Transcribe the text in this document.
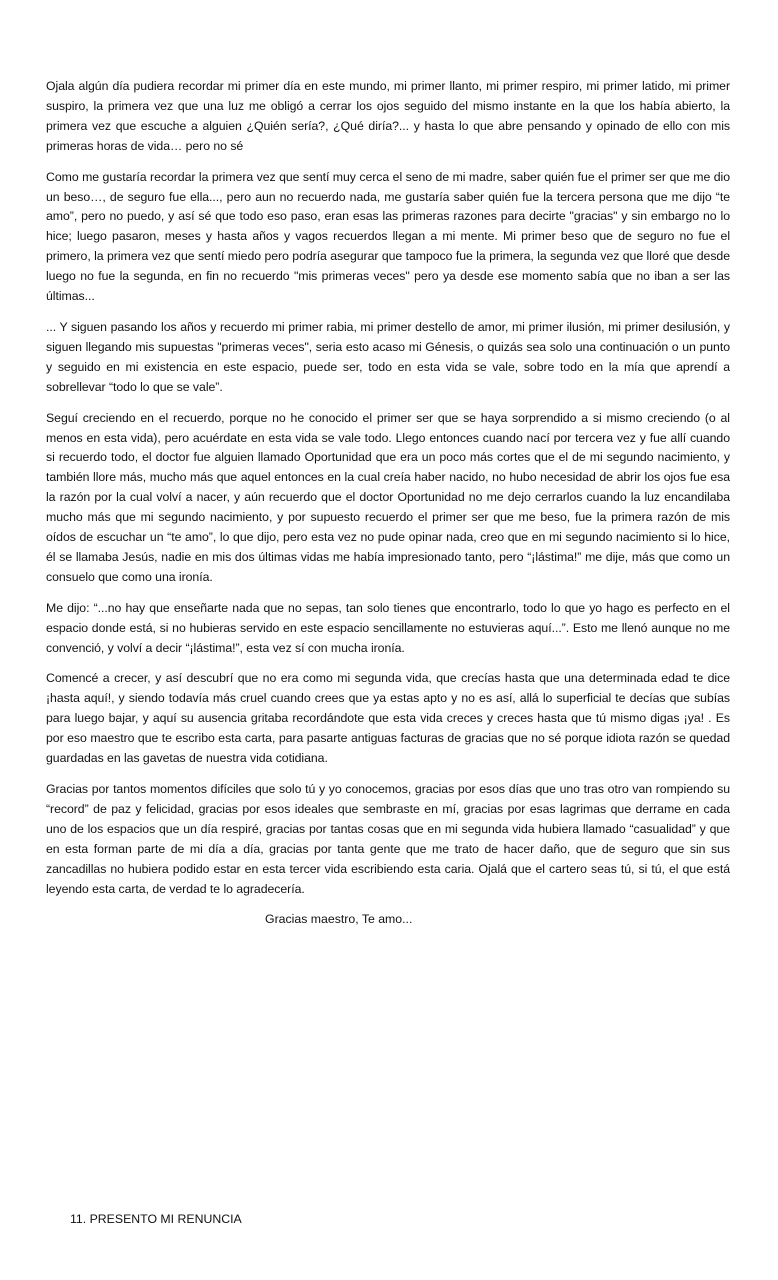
Ojala algún día pudiera recordar mi primer día en este mundo, mi primer llanto, mi primer respiro, mi primer latido, mi primer suspiro, la primera vez que una luz me obligó a cerrar los ojos seguido del mismo instante en la que los había abierto, la primera vez que escuche a alguien ¿Quién sería?, ¿Qué diría?... y hasta lo que abre pensando y opinado de ello con mis primeras horas de vida… pero no sé

Como me gustaría recordar la primera vez que sentí muy cerca el seno de mi madre, saber quién fue el primer ser que me dio un beso…, de seguro fue ella..., pero aun no recuerdo nada, me gustaría saber quién fue la tercera persona que me dijo “te amo”, pero no puedo, y así sé que todo eso paso, eran esas las primeras razones para decirte "gracias" y sin embargo no lo hice; luego pasaron, meses y hasta años y vagos recuerdos llegan a mi mente. Mi primer beso que de seguro no fue el primero, la primera vez que sentí miedo pero podría asegurar que tampoco fue la primera, la segunda vez que lloré que desde luego no fue la segunda, en fin no recuerdo "mis primeras veces" pero ya desde ese momento sabía que no iban a ser las últimas...

... Y siguen pasando los años y recuerdo mi primer rabia, mi primer destello de amor, mi primer ilusión, mi primer desilusión, y siguen llegando mis supuestas "primeras veces", seria esto acaso mi Génesis, o quizás sea solo una continuación o un punto y seguido en mi existencia en este espacio, puede ser, todo en esta vida se vale, sobre todo en la mía que aprendí a sobrellevar “todo lo que se vale”.

Seguí creciendo en el recuerdo, porque no he conocido el primer ser que se haya sorprendido a si mismo creciendo (o al menos en esta vida), pero acuérdate en esta vida se vale todo. Llego entonces cuando nací por tercera vez y fue allí cuando si recuerdo todo, el doctor fue alguien llamado Oportunidad que era un poco más cortes que el de mi segundo nacimiento, y también llore más, mucho más que aquel entonces en la cual creía haber nacido, no hubo necesidad de abrir los ojos fue esa la razón por la cual volví a nacer, y aún recuerdo que el doctor Oportunidad no me dejo cerrarlos cuando la luz encandilaba mucho más que mi segundo nacimiento, y por supuesto recuerdo el primer ser que me beso, fue la primera razón de mis oídos de escuchar un “te amo”, lo que dijo, pero esta vez no pude opinar nada, creo que en mi segundo nacimiento si lo hice, él se llamaba Jesús, nadie en mis dos últimas vidas me había impresionado tanto, pero “¡lástima!” me dije, más que como un consuelo que como una ironía.

Me dijo: “...no hay que enseñarte nada que no sepas, tan solo tienes que encontrarlo, todo lo que yo hago es perfecto en el espacio donde está, si no hubieras servido en este espacio sencillamente no estuvieras aquí...”. Esto me llenó aunque no me convenció, y volví a decir “¡lástima!”, esta vez sí con mucha ironía.

Comencé a crecer, y así descubrí que no era como mi segunda vida, que crecías hasta que una determinada edad te dice ¡hasta aquí!, y siendo todavía más cruel cuando crees que ya estas apto y no es así, allá lo superficial te decías que subías para luego bajar, y aquí su ausencia gritaba recordándote que esta vida creces y creces hasta que tú mismo digas ¡ya! . Es por eso maestro que te escribo esta carta, para pasarte antiguas facturas de gracias que no sé porque idiota razón se quedad guardadas en las gavetas de nuestra vida cotidiana.

Gracias por tantos momentos difíciles que solo tú y yo conocemos, gracias por esos días que uno tras otro van rompiendo su “record” de paz y felicidad, gracias por esos ideales que sembraste en mí, gracias por esas lagrimas que derrame en cada uno de los espacios que un día respiré, gracias por tantas cosas que en mi segunda vida hubiera llamado “casualidad” y que en esta forman parte de mi día a día, gracias por tanta gente que me trato de hacer daño, que de seguro que sin sus zancadillas no hubiera podido estar en esta tercer vida escribiendo esta caria. Ojalá que el cartero seas tú, si tú, el que está leyendo esta carta, de verdad te lo agradecería.

Gracias maestro, Te amo...

11. PRESENTO MI RENUNCIA
